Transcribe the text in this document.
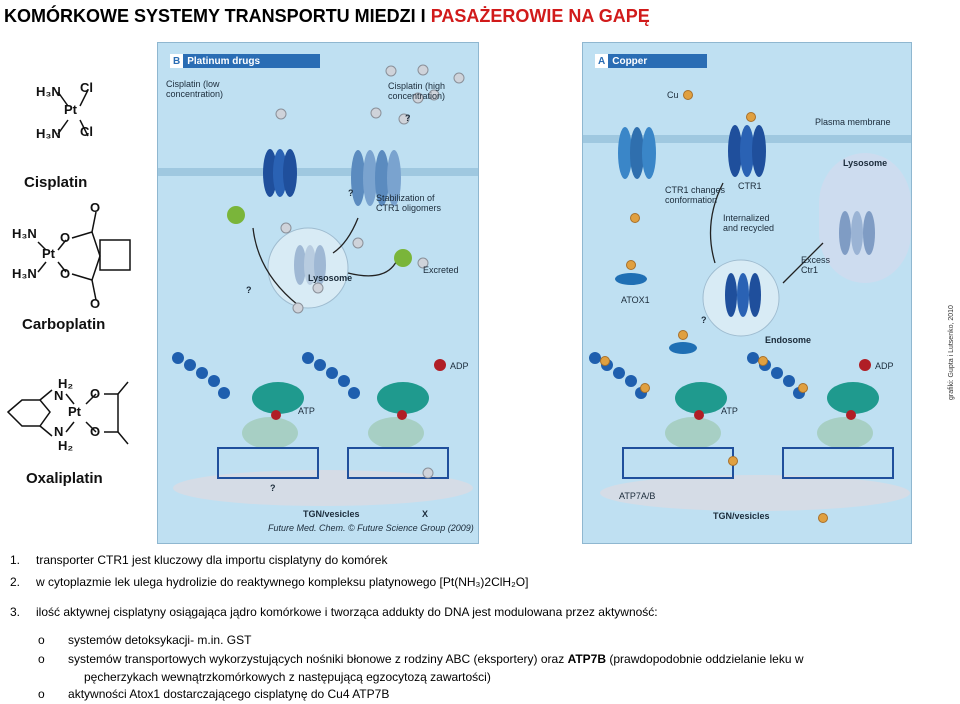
KOMÓRKOWE SYSTEMY TRANSPORTU MIEDZI I PASAŻEROWIE NA GAPĘ
H₃N Cl
Pt
H₃N Cl
Cisplatin
H₃N
Pt
H₃N
O
O
O
O
Carboplatin
H₂
N
Pt
N
H₂
O
O
Oxaliplatin
B Platinum drugs
Cisplatin (low
concentration)
Cisplatin (high
concentration)
Stabilization of
CTR1 oligomers
Lysosome
Excreted
ADP
ATP
TGN/vesicles	X
?
?
?
?
Future Med. Chem. © Future Science Group (2009)
A Copper
Cu
Plasma membrane
Lysosome
CTR1 changes
conformation
CTR1
Internalized
and recycled
Excess
Ctr1
ATOX1
Endosome
ADP
ATP
ATP7A/B
TGN/vesicles
?	grafiki: Gupta i Lutsenko, 2010
1. transporter CTR1 jest kluczowy dla importu cisplatyny do komórek
2. w cytoplazmie lek ulega hydrolizie do reaktywnego kompleksu platynowego [Pt(NH₃)2ClH₂O]
3. ilość aktywnej cisplatyny osiągająca jądro komórkowe i tworząca addukty do DNA jest modulowana przez aktywność:
o systemów detoksykacji- m.in. GST
o systemów transportowych wykorzystujących nośniki błonowe z rodziny ABC (eksportery) oraz ATP7B (prawdopodobnie oddzielanie leku w
pęcherzykach wewnątrzkomórkowych z następującą egzocytozą zawartości)
o aktywności Atox1 dostarczającego cisplatynę do Cu4 ATP7B
